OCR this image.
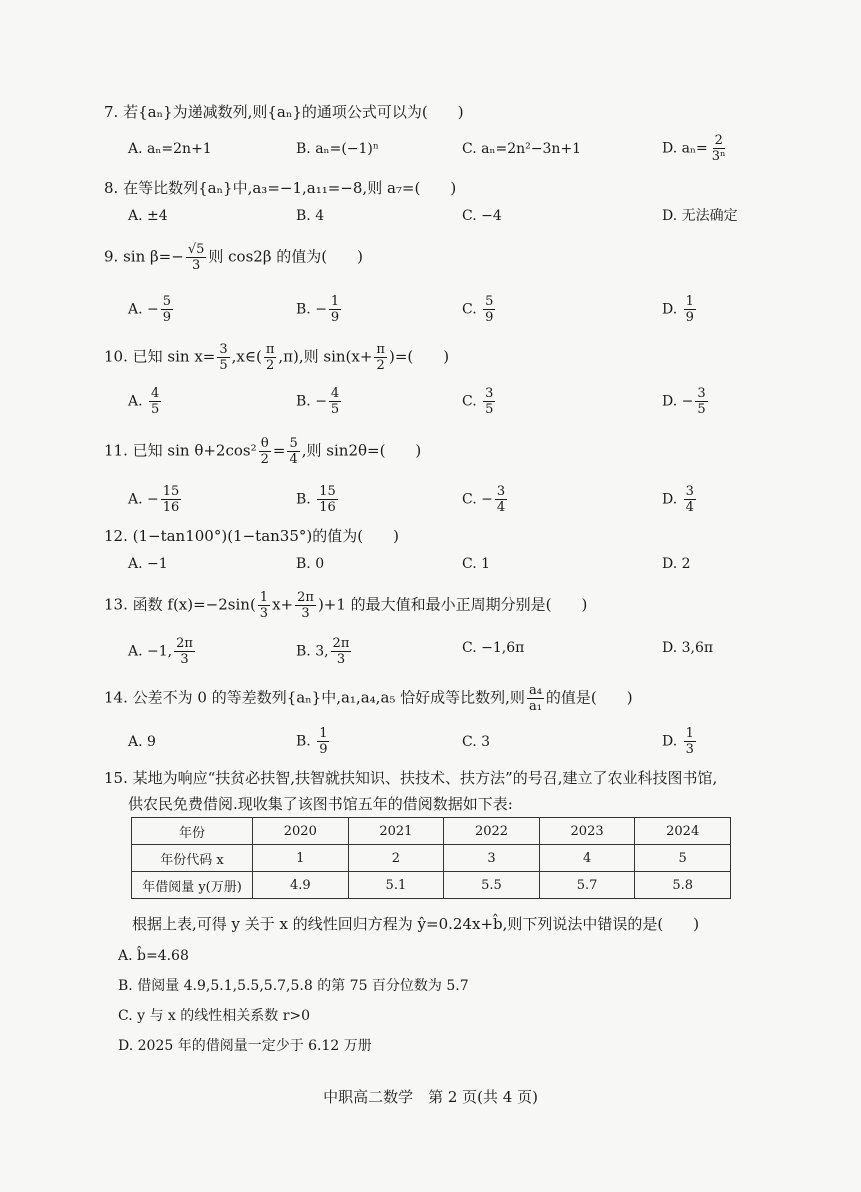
7. 若{aₙ}为递减数列,则{aₙ}的通项公式可以为(　　)
A. aₙ=2n+1	B. aₙ=(−1)ⁿ	C. aₙ=2n²−3n+1	D. $a_n= \frac{2}{\text{3ⁿ}}$
8. 在等比数列{aₙ}中,a₃=−1,a₁₁=−8,则 a₇=(　　)
A. ±4	B. 4	C. −4	D. 无法确定
9. $\sin \beta=- \frac{√5}{3}$ 则 cos2β 的值为(　　)
A. − $\frac{5}{9}$	B. − $\frac{1}{9}$	C. $\frac{5}{9}$	D. $\frac{1}{9}$
10. 已知 $\sin x= \frac{3}{5}$ ,x∈( $\frac{\pi}{2} ,\pi$),则 $\sin(x+ \frac{\pi}{2}$ )=(　　)
A. $\frac{4}{5}$	B. − $\frac{4}{5}$	C. $\frac{3}{5}$	D. − $\frac{3}{5}$
11. 已知 $\sin \theta+2\cos^2 \frac{\theta}{2} = \frac{5}{4}$ ,则 sin2θ=(　　)
A. − $\frac{15}{16}$	B. $\frac{15}{16}$	C. − $\frac{3}{4}$	D. $\frac{3}{4}$
12. (1−tan100°)(1−tan35°)的值为(　　)
A. −1	B. 0	C. 1	D. 2
13. 函数 $f(x)=-2\sin( \frac{1}{3} x+ \frac{2\pi}{3} )+1$ 的最大值和最小正周期分别是(　　)
A. −1, $\frac{2\pi}{3}$	B. 3, $\frac{2\pi}{3}$	C. −1,6π	D. 3,6π
14. 公差不为 0 的等差数列{aₙ}中,a₁,a₄,a₅ 恰好成等比数列,则 $\frac{\text{a₄}}{\text{a₁}}$ 的值是(　　)
A. 9	B. $\frac{1}{9}$	C. 3	D. $\frac{1}{3}$
15. 某地为响应“扶贫必扶智,扶智就扶知识、扶技术、扶方法”的号召,建立了农业科技图书馆,
供农民免费借阅.现收集了该图书馆五年的借阅数据如下表:
年份	2020	2021	2022	2023	2024
年份代码 x	1	2	3	4	5
年借阅量 y(万册)	4.9	5.1	5.5	5.7	5.8
根据上表,可得 y 关于 x 的线性回归方程为 ŷ=0.24x+b̂,则下列说法中错误的是(　　)
A. b̂=4.68
B. 借阅量 4.9,5.1,5.5,5.7,5.8 的第 75 百分位数为 5.7
C. y 与 x 的线性相关系数 r>0
D. 2025 年的借阅量一定少于 6.12 万册
中职高二数学　第 2 页(共 4 页)
